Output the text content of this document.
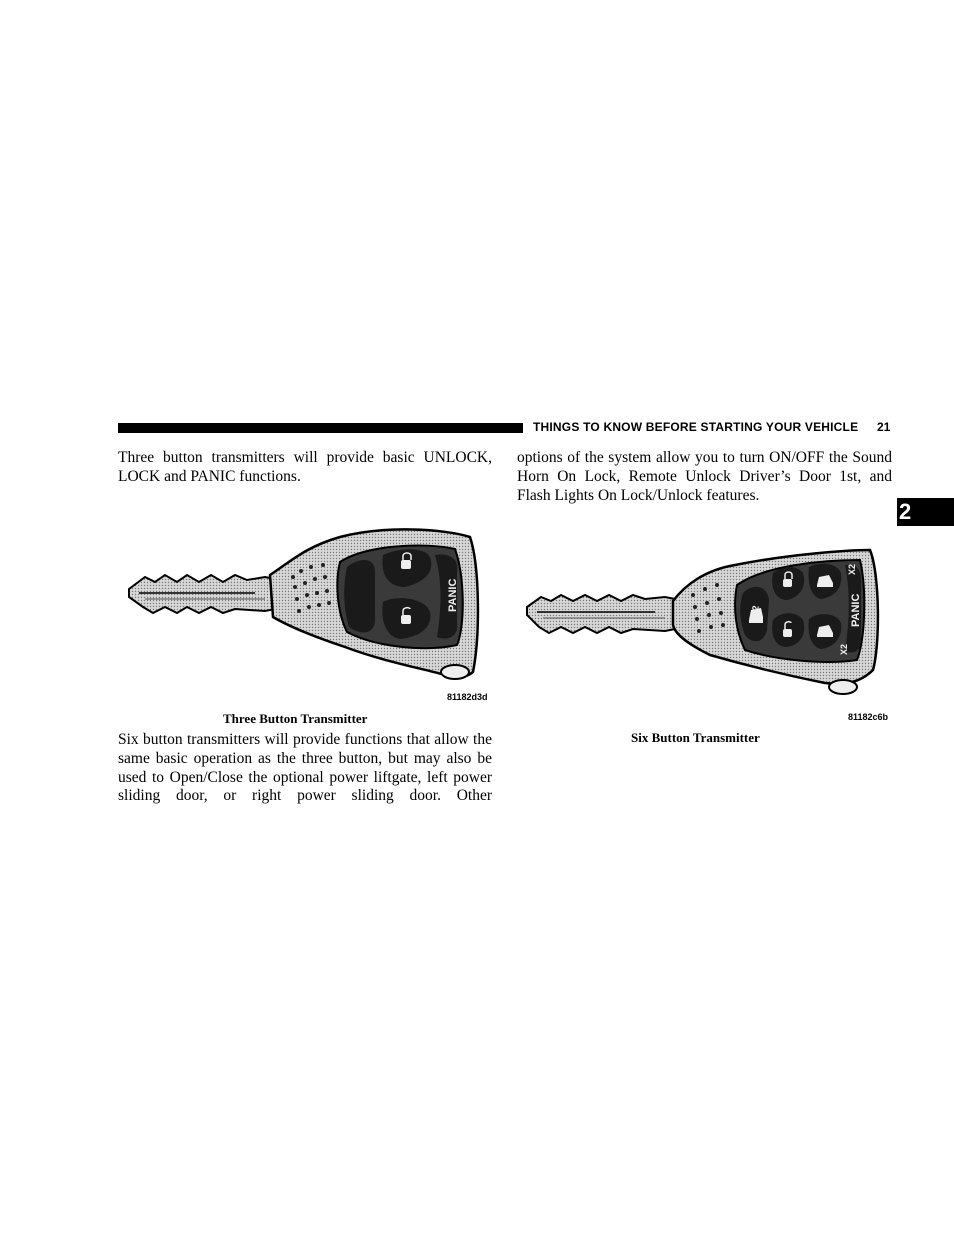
THINGS TO KNOW BEFORE STARTING YOUR VEHICLE 21
2

Three button transmitters will provide basic UNLOCK, LOCK and PANIC functions.

Six button transmitters will provide functions that allow the same basic operation as the three button, but may also be used to Open/Close the optional power liftgate, left power sliding door, or right power sliding door. Other

options of the system allow you to turn ON/OFF the Sound Horn On Lock, Remote Unlock Driver’s Door 1st, and Flash Lights On Lock/Unlock features.

PANIC
81182d3d
Three Button Transmitter
X2
PANIC
X2
X2
81182c6b
Six Button Transmitter
